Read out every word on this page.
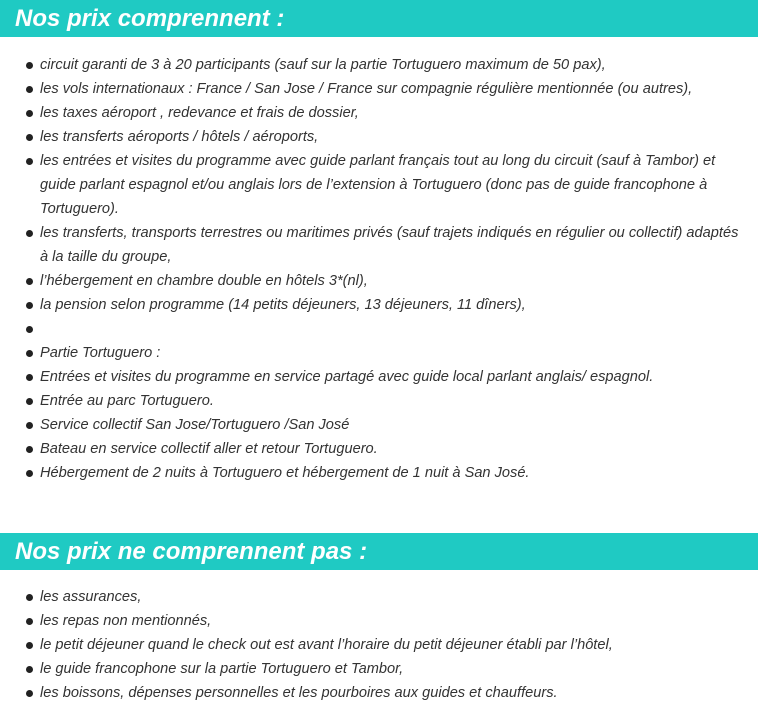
Nos prix comprennent :
circuit garanti de 3 à 20 participants (sauf sur la partie Tortuguero maximum de 50 pax),
les vols internationaux : France / San Jose / France sur compagnie régulière mentionnée (ou autres),
les taxes aéroport , redevance et frais de dossier,
les transferts aéroports / hôtels / aéroports,
les entrées et visites du programme avec guide parlant français tout au long du circuit (sauf à Tambor) et guide parlant espagnol et/ou anglais lors de l’extension à Tortuguero (donc pas de guide francophone à Tortuguero).
les transferts, transports terrestres ou maritimes privés (sauf trajets indiqués en régulier ou collectif) adaptés à la taille du groupe,
l’hébergement en chambre double en hôtels 3*(nl),
la pension selon programme (14 petits déjeuners, 13 déjeuners, 11 dîners),
Partie Tortuguero :
Entrées et visites du programme en service partagé avec guide local parlant anglais/ espagnol.
Entrée au parc Tortuguero.
Service collectif San Jose/Tortuguero /San José
Bateau en service collectif aller et retour Tortuguero.
Hébergement de 2 nuits à Tortuguero et hébergement de 1 nuit à San José.
Nos prix ne comprennent pas :
les assurances,
les repas non mentionnés,
le petit déjeuner quand le check out est avant l’horaire du petit déjeuner établi par l’hôtel,
le guide francophone sur la partie Tortuguero et Tambor,
les boissons, dépenses personnelles et les pourboires aux guides et chauffeurs.
